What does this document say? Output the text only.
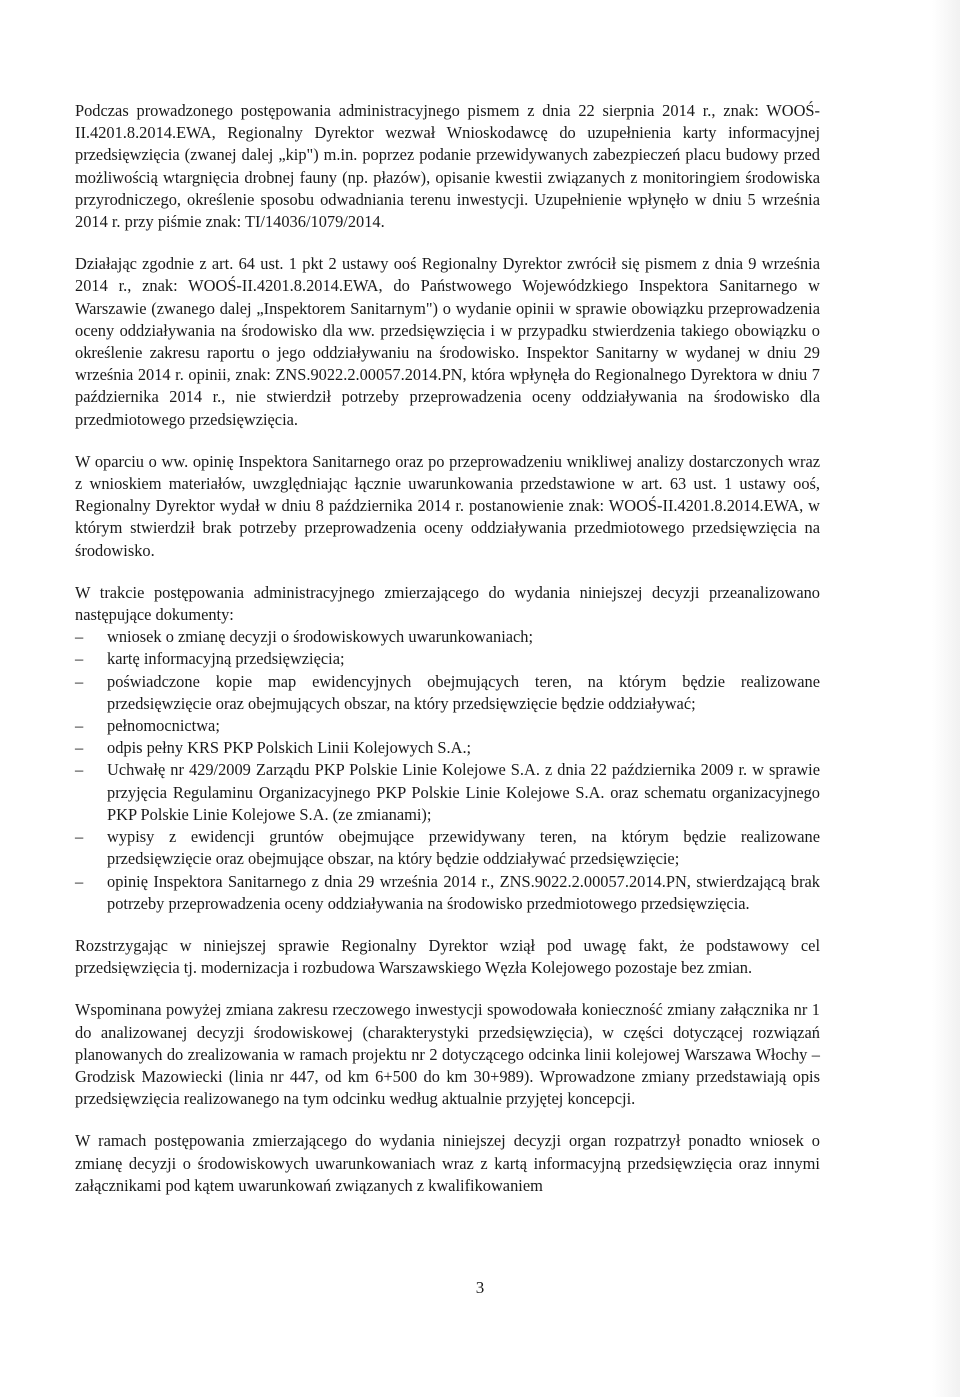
Podczas prowadzonego postępowania administracyjnego pismem z dnia 22 sierpnia 2014 r., znak: WOOŚ-II.4201.8.2014.EWA, Regionalny Dyrektor wezwał Wnioskodawcę do uzupełnienia karty informacyjnej przedsięwzięcia (zwanej dalej „kip") m.in. poprzez podanie przewidywanych zabezpieczeń placu budowy przed możliwością wtargnięcia drobnej fauny (np. płazów), opisanie kwestii związanych z monitoringiem środowiska przyrodniczego, określenie sposobu odwadniania terenu inwestycji. Uzupełnienie wpłynęło w dniu 5 września 2014 r. przy piśmie znak: TI/14036/1079/2014.

Działając zgodnie z art. 64 ust. 1 pkt 2 ustawy ooś Regionalny Dyrektor zwrócił się pismem z dnia 9 września 2014 r., znak: WOOŚ-II.4201.8.2014.EWA, do Państwowego Wojewódzkiego Inspektora Sanitarnego w Warszawie (zwanego dalej „Inspektorem Sanitarnym") o wydanie opinii w sprawie obowiązku przeprowadzenia oceny oddziaływania na środowisko dla ww. przedsięwzięcia i w przypadku stwierdzenia takiego obowiązku o określenie zakresu raportu o jego oddziaływaniu na środowisko. Inspektor Sanitarny w wydanej w dniu 29 września 2014 r. opinii, znak: ZNS.9022.2.00057.2014.PN, która wpłynęła do Regionalnego Dyrektora w dniu 7 października 2014 r., nie stwierdził potrzeby przeprowadzenia oceny oddziaływania na środowisko dla przedmiotowego przedsięwzięcia.

W oparciu o ww. opinię Inspektora Sanitarnego oraz po przeprowadzeniu wnikliwej analizy dostarczonych wraz z wnioskiem materiałów, uwzględniając łącznie uwarunkowania przedstawione w art. 63 ust. 1 ustawy ooś, Regionalny Dyrektor wydał w dniu 8 października 2014 r. postanowienie znak: WOOŚ-II.4201.8.2014.EWA, w którym stwierdził brak potrzeby przeprowadzenia oceny oddziaływania przedmiotowego przedsięwzięcia na środowisko.

W trakcie postępowania administracyjnego zmierzającego do wydania niniejszej decyzji przeanalizowano następujące dokumenty:

– wniosek o zmianę decyzji o środowiskowych uwarunkowaniach;
– kartę informacyjną przedsięwzięcia;
– poświadczone kopie map ewidencyjnych obejmujących teren, na którym będzie realizowane przedsięwzięcie oraz obejmujących obszar, na który przedsięwzięcie będzie oddziaływać;
– pełnomocnictwa;
– odpis pełny KRS PKP Polskich Linii Kolejowych S.A.;
– Uchwałę nr 429/2009 Zarządu PKP Polskie Linie Kolejowe S.A. z dnia 22 października 2009 r. w sprawie przyjęcia Regulaminu Organizacyjnego PKP Polskie Linie Kolejowe S.A. oraz schematu organizacyjnego PKP Polskie Linie Kolejowe S.A. (ze zmianami);
– wypisy z ewidencji gruntów obejmujące przewidywany teren, na którym będzie realizowane przedsięwzięcie oraz obejmujące obszar, na który będzie oddziaływać przedsięwzięcie;
– opinię Inspektora Sanitarnego z dnia 29 września 2014 r., ZNS.9022.2.00057.2014.PN, stwierdzającą brak potrzeby przeprowadzenia oceny oddziaływania na środowisko przedmiotowego przedsięwzięcia.

Rozstrzygając w niniejszej sprawie Regionalny Dyrektor wziął pod uwagę fakt, że podstawowy cel przedsięwzięcia tj. modernizacja i rozbudowa Warszawskiego Węzła Kolejowego pozostaje bez zmian.

Wspominana powyżej zmiana zakresu rzeczowego inwestycji spowodowała konieczność zmiany załącznika nr 1 do analizowanej decyzji środowiskowej (charakterystyki przedsięwzięcia), w części dotyczącej rozwiązań planowanych do zrealizowania w ramach projektu nr 2 dotyczącego odcinka linii kolejowej Warszawa Włochy – Grodzisk Mazowiecki (linia nr 447, od km 6+500 do km 30+989). Wprowadzone zmiany przedstawiają opis przedsięwzięcia realizowanego na tym odcinku według aktualnie przyjętej koncepcji.

W ramach postępowania zmierzającego do wydania niniejszej decyzji organ rozpatrzył ponadto wniosek o zmianę decyzji o środowiskowych uwarunkowaniach wraz z kartą informacyjną przedsięwzięcia oraz innymi załącznikami pod kątem uwarunkowań związanych z kwalifikowaniem

3
